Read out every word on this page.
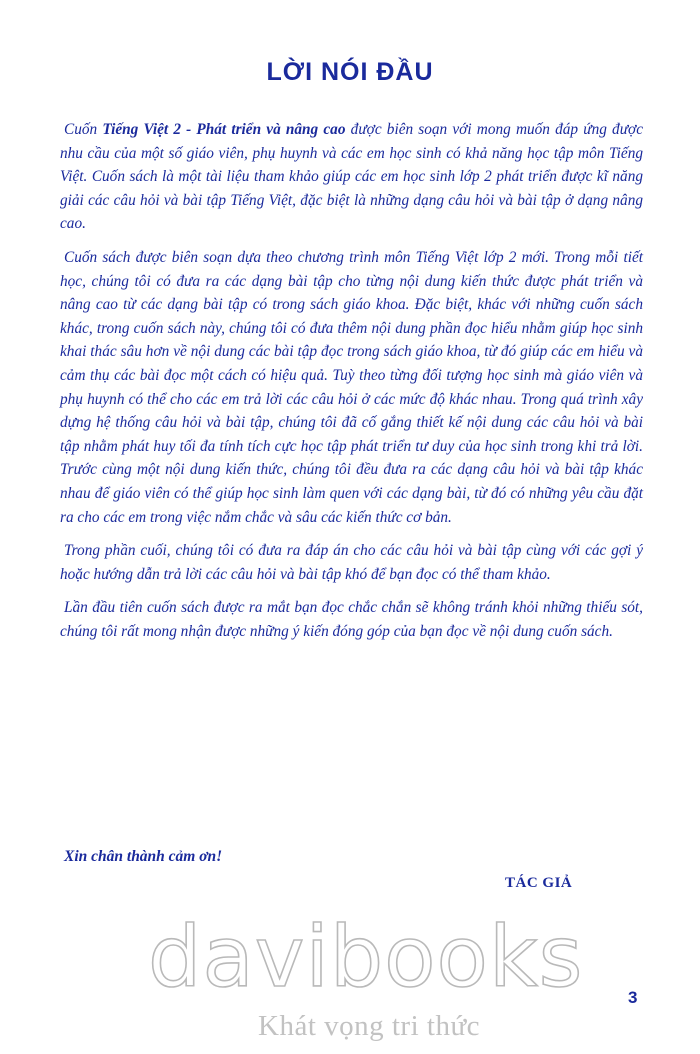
LỜI NÓI ĐẦU

Cuốn Tiếng Việt 2 - Phát triển và nâng cao được biên soạn với mong muốn đáp ứng được nhu cầu của một số giáo viên, phụ huynh và các em học sinh có khả năng học tập môn Tiếng Việt. Cuốn sách là một tài liệu tham khảo giúp các em học sinh lớp 2 phát triển được kĩ năng giải các câu hỏi và bài tập Tiếng Việt, đặc biệt là những dạng câu hỏi và bài tập ở dạng nâng cao.

Cuốn sách được biên soạn dựa theo chương trình môn Tiếng Việt lớp 2 mới. Trong mỗi tiết học, chúng tôi có đưa ra các dạng bài tập cho từng nội dung kiến thức được phát triển và nâng cao từ các dạng bài tập có trong sách giáo khoa. Đặc biệt, khác với những cuốn sách khác, trong cuốn sách này, chúng tôi có đưa thêm nội dung phần đọc hiểu nhằm giúp học sinh khai thác sâu hơn về nội dung các bài tập đọc trong sách giáo khoa, từ đó giúp các em hiểu và cảm thụ các bài đọc một cách có hiệu quả. Tuỳ theo từng đối tượng học sinh mà giáo viên và phụ huynh có thể cho các em trả lời các câu hỏi ở các mức độ khác nhau. Trong quá trình xây dựng hệ thống câu hỏi và bài tập, chúng tôi đã cố gắng thiết kế nội dung các câu hỏi và bài tập nhằm phát huy tối đa tính tích cực học tập phát triển tư duy của học sinh trong khi trả lời. Trước cùng một nội dung kiến thức, chúng tôi đều đưa ra các dạng câu hỏi và bài tập khác nhau để giáo viên có thể giúp học sinh làm quen với các dạng bài, từ đó có những yêu cầu đặt ra cho các em trong việc nắm chắc và sâu các kiến thức cơ bản.

Trong phần cuối, chúng tôi có đưa ra đáp án cho các câu hỏi và bài tập cùng với các gợi ý hoặc hướng dẫn trả lời các câu hỏi và bài tập khó để bạn đọc có thể tham khảo.

Lần đầu tiên cuốn sách được ra mắt bạn đọc chắc chắn sẽ không tránh khỏi những thiếu sót, chúng tôi rất mong nhận được những ý kiến đóng góp của bạn đọc về nội dung cuốn sách.

Xin chân thành cảm ơn!
TÁC GIẢ
davibooks
Khát vọng tri thức
3
